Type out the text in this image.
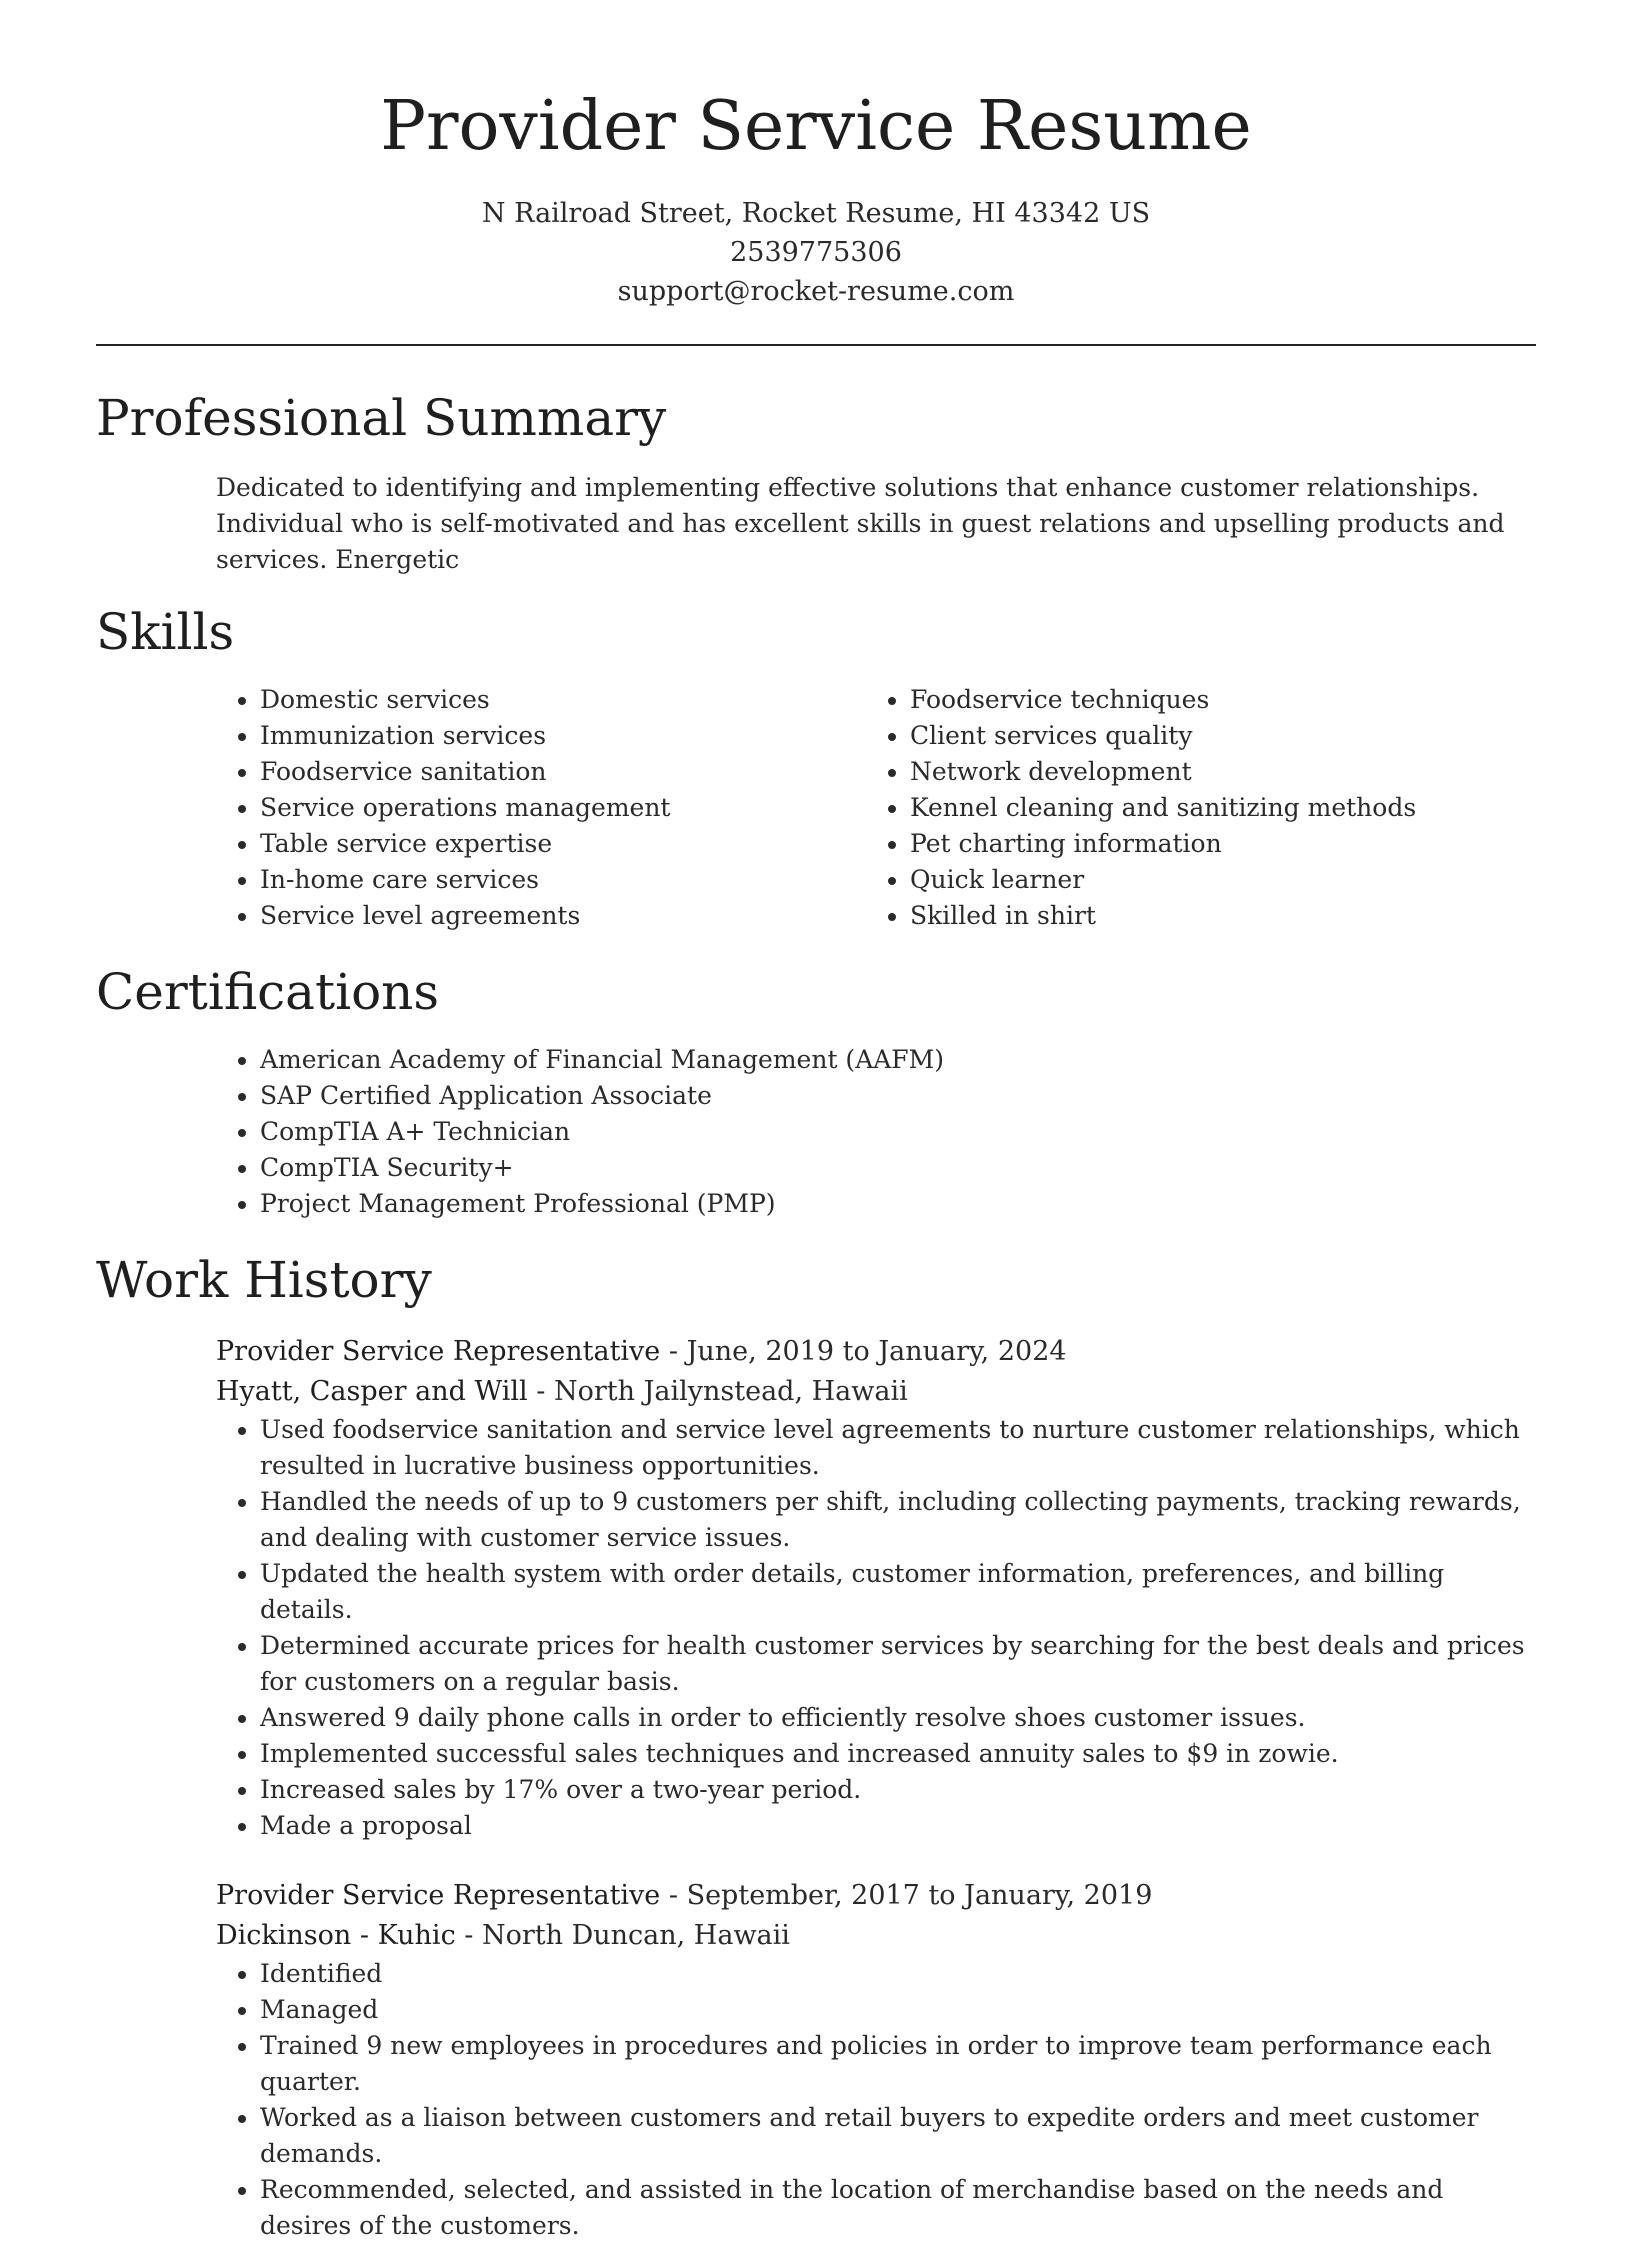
Provider Service Resume
N Railroad Street, Rocket Resume, HI 43342 US
2539775306
support@rocket-resume.com
Professional Summary

Dedicated to identifying and implementing effective solutions that enhance customer relationships. Individual who is self-motivated and has excellent skills in guest relations and upselling products and services. Energetic

Skills
• Domestic services
• Immunization services
• Foodservice sanitation
• Service operations management
• Table service expertise
• In-home care services
• Service level agreements
• Foodservice techniques
• Client services quality
• Network development
• Kennel cleaning and sanitizing methods
• Pet charting information
• Quick learner
• Skilled in shirt
Certifications
• American Academy of Financial Management (AAFM)
• SAP Certified Application Associate
• CompTIA A+ Technician
• CompTIA Security+
• Project Management Professional (PMP)
Work History
Provider Service Representative - June, 2019 to January, 2024
Hyatt, Casper and Will - North Jailynstead, Hawaii
• Used foodservice sanitation and service level agreements to nurture customer relationships, which resulted in lucrative business opportunities.
• Handled the needs of up to 9 customers per shift, including collecting payments, tracking rewards, and dealing with customer service issues.
• Updated the health system with order details, customer information, preferences, and billing details.
• Determined accurate prices for health customer services by searching for the best deals and prices for customers on a regular basis.
• Answered 9 daily phone calls in order to efficiently resolve shoes customer issues.
• Implemented successful sales techniques and increased annuity sales to $9 in zowie.
• Increased sales by 17% over a two-year period.
• Made a proposal
Provider Service Representative - September, 2017 to January, 2019
Dickinson - Kuhic - North Duncan, Hawaii
• Identified
• Managed
• Trained 9 new employees in procedures and policies in order to improve team performance each quarter.
• Worked as a liaison between customers and retail buyers to expedite orders and meet customer demands.
• Recommended, selected, and assisted in the location of merchandise based on the needs and desires of the customers.
